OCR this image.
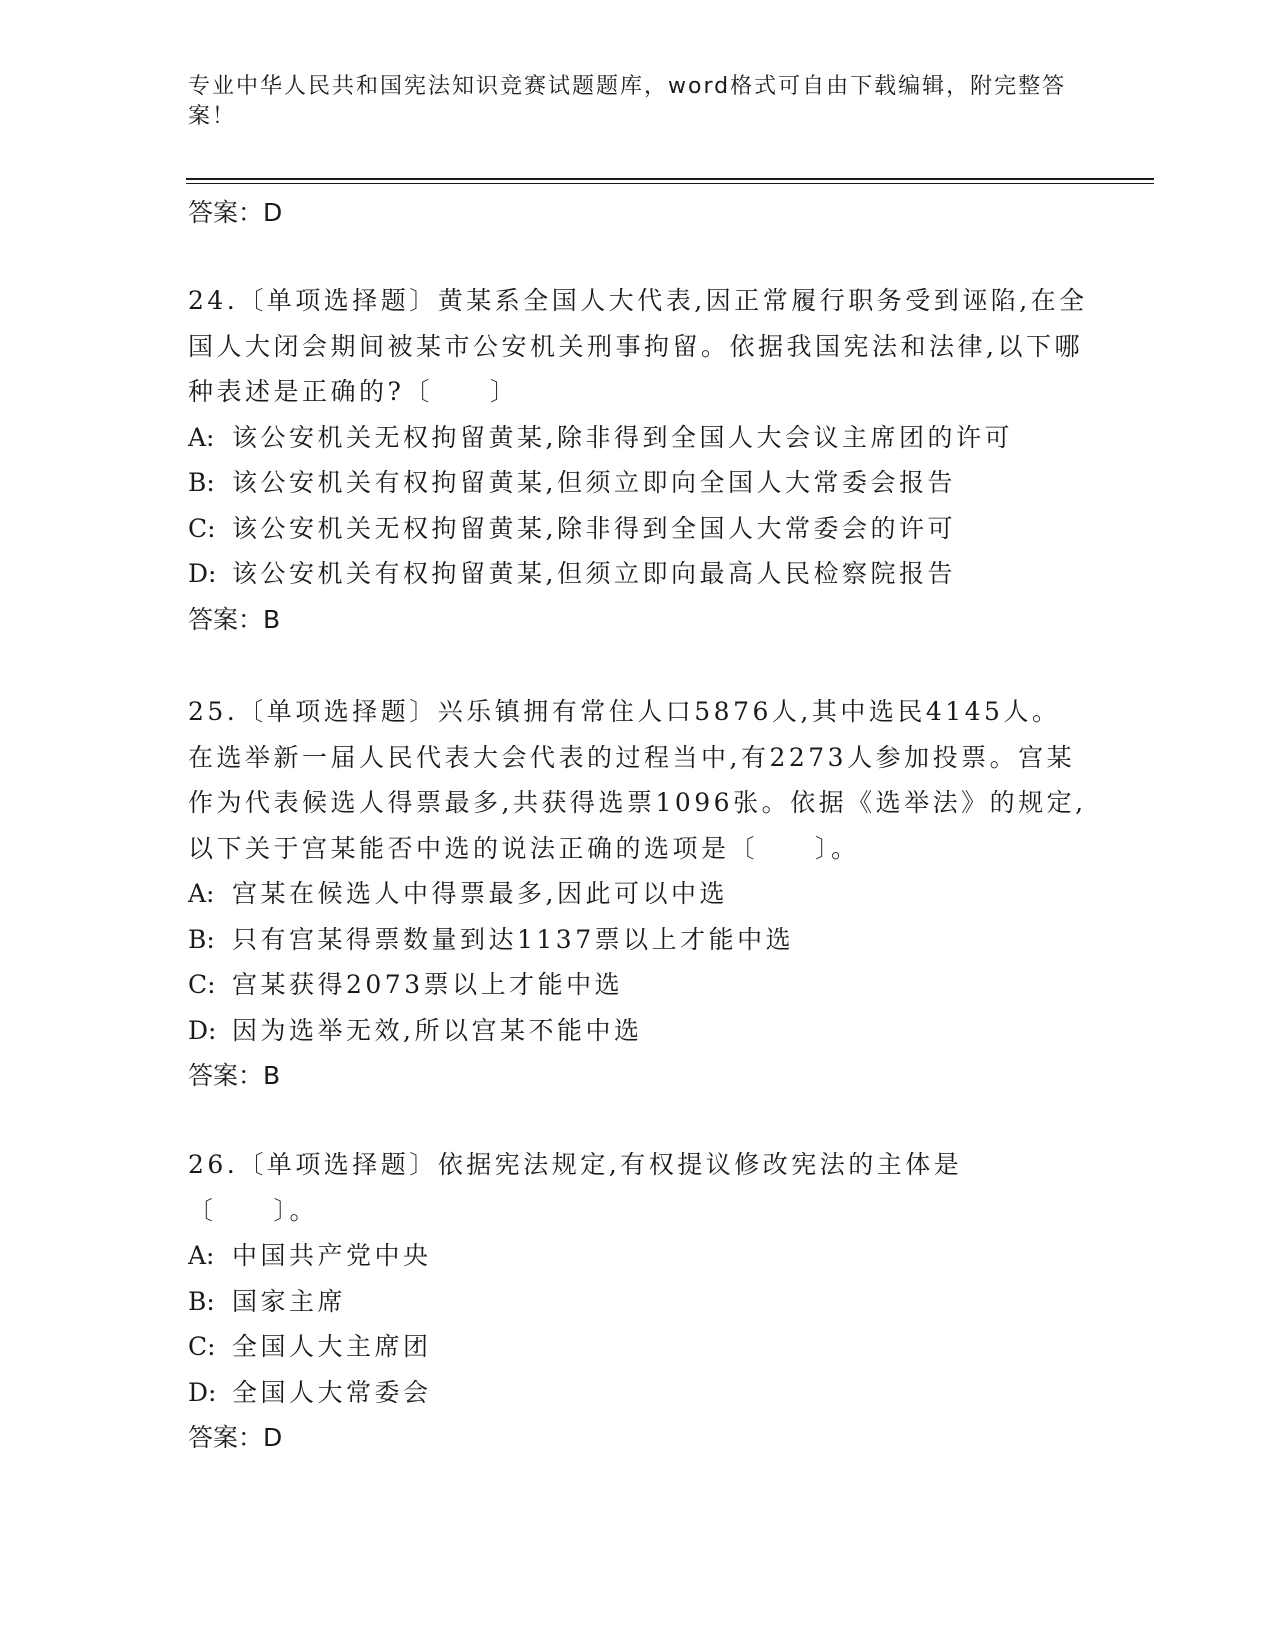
专业中华人民共和国宪法知识竞赛试题题库，word格式可自由下载编辑，附完整答案！
答案：D

24.〔单项选择题〕黄某系全国人大代表,因正常履行职务受到诬陷,在全国人大闭会期间被某市公安机关刑事拘留。依据我国宪法和法律,以下哪种表述是正确的?〔　　〕

A: 该公安机关无权拘留黄某,除非得到全国人大会议主席团的许可
B: 该公安机关有权拘留黄某,但须立即向全国人大常委会报告
C: 该公安机关无权拘留黄某,除非得到全国人大常委会的许可
D: 该公安机关有权拘留黄某,但须立即向最高人民检察院报告
答案：B

25.〔单项选择题〕兴乐镇拥有常住人口5876人,其中选民4145人。在选举新一届人民代表大会代表的过程当中,有2273人参加投票。宫某作为代表候选人得票最多,共获得选票1096张。依据《选举法》的规定,以下关于宫某能否中选的说法正确的选项是〔　　〕。

A: 宫某在候选人中得票最多,因此可以中选
B: 只有宫某得票数量到达1137票以上才能中选
C: 宫某获得2073票以上才能中选
D: 因为选举无效,所以宫某不能中选
答案：B

26.〔单项选择题〕依据宪法规定,有权提议修改宪法的主体是〔　　〕。

A: 中国共产党中央
B: 国家主席
C: 全国人大主席团
D: 全国人大常委会
答案：D
